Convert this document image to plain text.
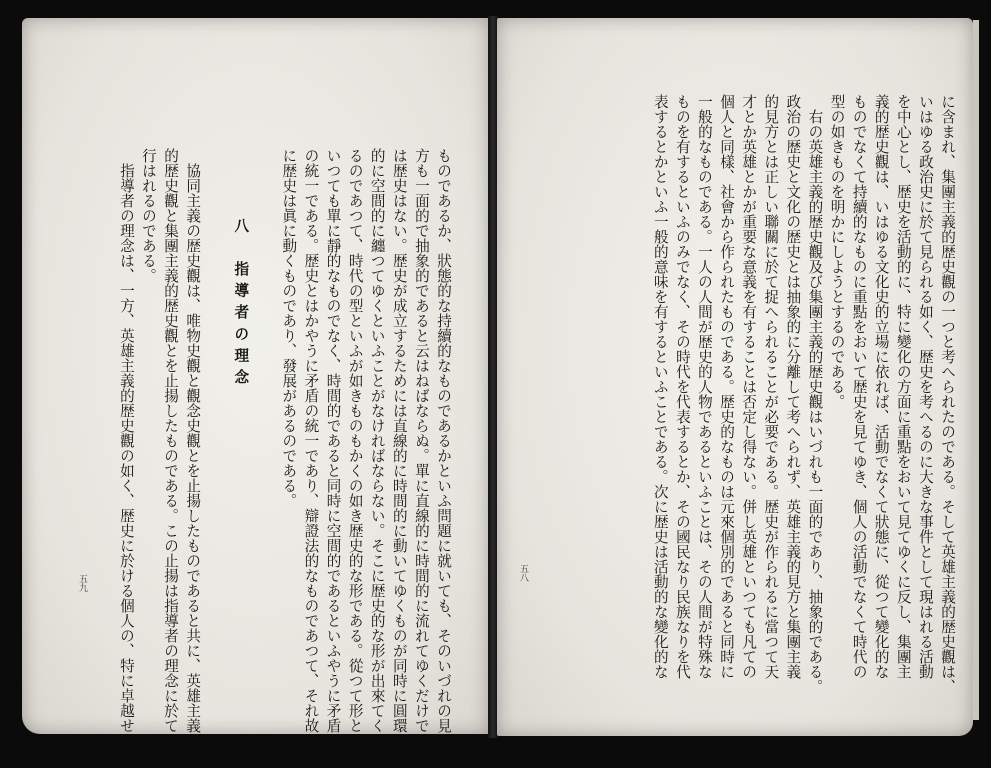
ものであるか、狀態的な持續的なものであるかといふ問題に就いても、そのいづれの見
方も一面的で抽象的であると云はねばならぬ。單に直線的に時間的に流れてゆくだけで
は歴史はない。歴史が成立するためには直線的に時間的に動いてゆくものが同時に圓環
的に空間的に纏つてゆくといふことがなければならない。そこに歴史的な形が出來てく
るのであつて、時代の型といふが如きものもかくの如き歴史的な形である。從つて形と
いつても單に靜的なものでなく、時間的であると同時に空間的であるといふやうに矛盾
の統一である。歴史とはかやうに矛盾の統一であり、辯證法的なものであつて、それ故
に歴史は眞に動くものであり、發展があるのである。
八　指導者の理念
　協同主義の歴史觀は、唯物史觀と觀念史觀とを止揚したものであると共に、英雄主義
的歴史觀と集團主義的歴史觀とを止揚したものである。この止揚は指導者の理念に於て
行はれるのである。
　指導者の理念は、一方、英雄主義的歴史觀の如く、歴史に於ける個人の、特に卓越せ
五九	に含まれ、集團主義的歴史觀の一つと考へられたのである。そして英雄主義的歴史觀は、
いはゆる政治史に於て見られる如く、歴史を考へるのに大きな事件として現はれる活動
を中心とし、歴史を活動的に、特に變化の方面に重點をおいて見てゆくに反し、集團主
義的歴史觀は、いはゆる文化史的立場に依れば、活動でなくて狀態に、從つて變化的な
ものでなくて持續的なものに重點をおいて歴史を見てゆき、個人の活動でなくて時代の
型の如きものを明かにしようとするのである。
　右の英雄主義的歴史觀及び集團主義的歴史觀はいづれも一面的であり、抽象的である。
政治の歴史と文化の歴史とは抽象的に分離して考へられず、英雄主義的見方と集團主義
的見方とは正しい聯關に於て捉へられることが必要である。歴史が作られるに當つて天
才とか英雄とかが重要な意義を有することは否定し得ない。併し英雄といつても凡ての
個人と同樣、社會から作られたものである。歴史的なものは元來個別的であると同時に
一般的なものである。一人の人間が歴史的人物であるといふことは、その人間が特殊な
ものを有するといふのみでなく、その時代を代表するとか、その國民なり民族なりを代
表するとかといふ一般的意味を有するといふことである。次に歴史は活動的な變化的な
五八
